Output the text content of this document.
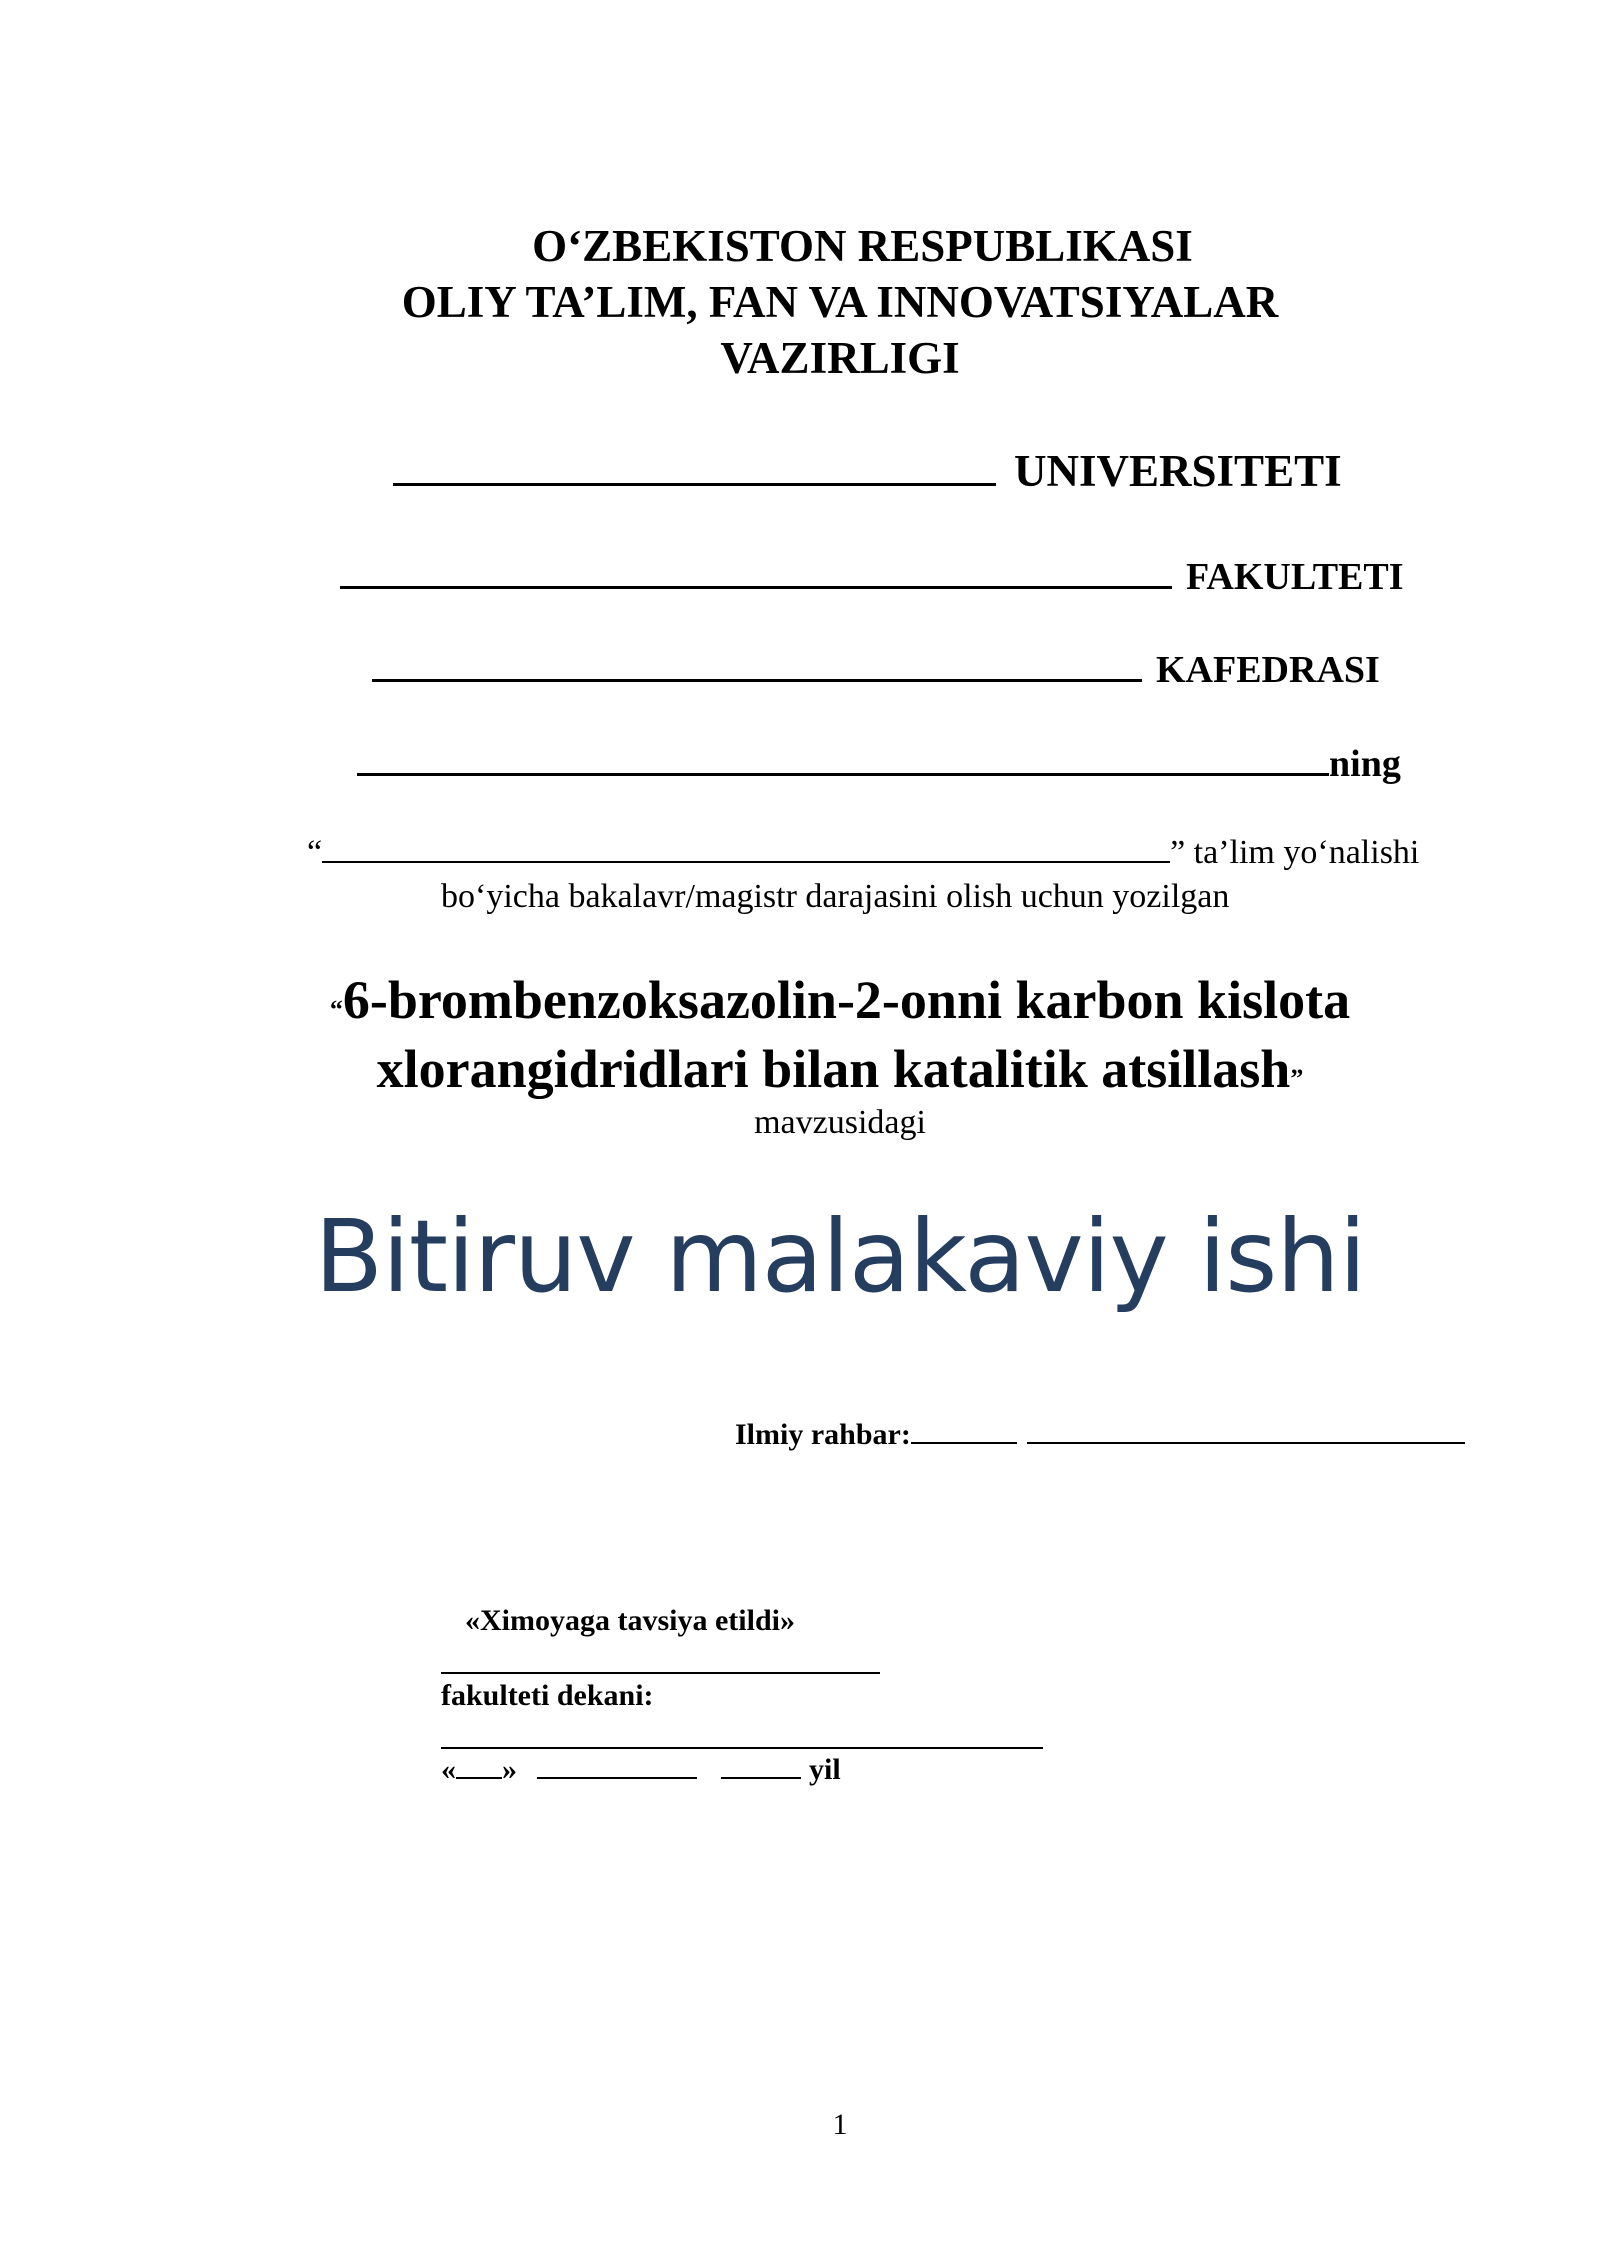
O‘ZBEKISTON RESPUBLIKASI
OLIY TA’LIM, FAN VA INNOVATSIYALAR
VAZIRLIGI
UNIVERSITETI
FAKULTETI
KAFEDRASI
ning
“	” ta’lim yo‘nalishi
bo‘yicha bakalavr/magistr darajasini olish uchun yozilgan
“6-brombenzoksazolin-2-onni karbon kislota
xlorangidridlari bilan katalitik atsillash”
mavzusidagi
Bitiruv malakaviy ishi
Ilmiy rahbar:
«Ximoyaga tavsiya etildi»
fakulteti dekani:
« »	yil
1
